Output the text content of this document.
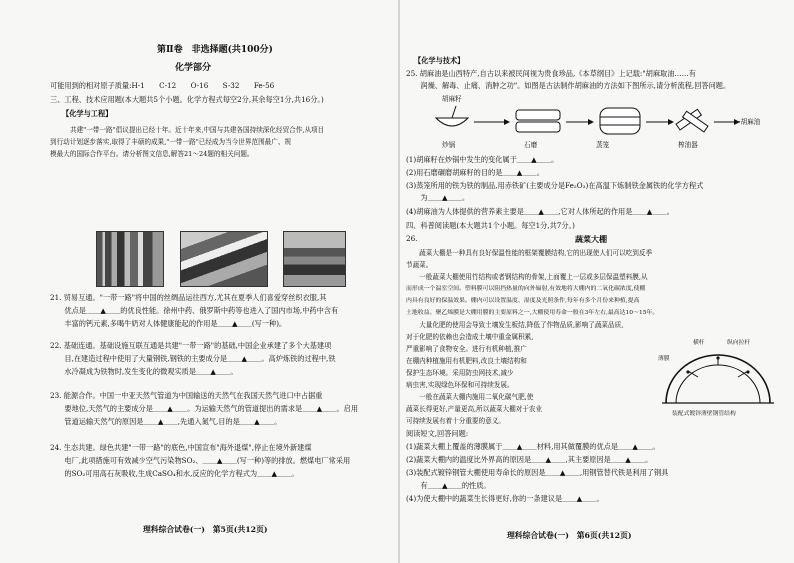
第Ⅱ卷　非选择题(共100分)
化学部分
可能用到的相对原子质量:H-1　　C-12　　O-16　　S-32　　Fe-56
三、工程、技术应用题(本大题共5个小题。化学方程式每空2分,其余每空1分,共16分。)
【化学与工程】
共建"一带一路"倡议提出已经十年。近十年来,中国与共建各国持续深化经贸合作,从项目
到行动计划逐步落实,取得了丰硕的成果,"一带一路"已经成为当今世界范围最广、规
模最大的国际合作平台。请分析图文信息,解答21～24题的相关问题。
21. 贸易互通。"一带一路"将中国的丝绸品运往西方,尤其在夏季人们喜爱穿丝织衣服,其
　　优点是＿＿▲＿＿的优良性能。徐州中药、俄罗斯中药等也进入了国内市场,中药中含有
　　丰富的钙元素,多喝牛奶对人体健康能起的作用是＿＿▲＿＿(写一种)。
22. 基础连通。基础设施互联互通是共建"一带一路"的基础,中国企业承建了多个大基建项
　　目,在建造过程中使用了大量钢铁,钢铁的主要成分是＿＿▲＿＿。高炉炼铁的过程中,铁
　　水冷凝成为铁物时,发生变化的微观实质是＿＿▲＿＿。
23. 能源合作。中国一中亚天然气管道为中国输送的天然气在我国天然气进口中占据重
　　要地位,天然气的主要成分是＿＿▲＿＿。为运输天然气的管道提出的需求是＿＿▲＿＿。启用
　　管道运输天然气的原因是＿＿▲＿＿,先通入氮气,目的是＿＿▲＿＿。
24. 生态共建。绿色共建"一带一路"的底色,中国宣布"海外退煤",停止在境外新建煤
　　电厂,此项措施可有效减少空气污染物SO₂、＿＿▲＿＿(写一种)等的排放。燃煤电厂常采用
　　的SO₂可用高石灰吸收,生成CaSO₄和水,反应的化学方程式为＿＿▲＿＿。
理科综合试卷(一)　第5页(共12页)
【化学与技术】
25. 胡麻油是山西特产,自古以来被民间视为贵食珍品,《本草纲目》上记载:"胡麻取油……有
　　润燥、解毒、止痛、消肿之功"。如图是古法制作胡麻油的方法如下图所示,请分析流程,回答问题。
胡麻籽
炒锅	石磨	蒸笼	榨油器
→胡麻油
(1)胡麻籽在炒锅中发生的变化属于＿＿▲＿＿。
(2)用石磨碾磨胡麻籽的目的是＿＿▲＿＿。
(3)蒸笼所用的铁为铁的制品,用赤铁矿(主要成分是Fe₂O₃)在高温下炼制铁金属铁的化学方程式
　　为＿＿▲＿＿。
(4)胡麻油为人体提供的营养素主要是＿＿▲＿＿,它对人体所起的作用是＿＿▲＿＿。
四、科普阅读题(本大题共1个小题。每空1分,共7分。)
26.	蔬菜大棚
　　蔬菜大棚是一种具有良好保温性能的框架覆膜结构,它的出现使人们可以吃到反季
节蔬菜。
　　一般蔬菜大棚使用竹结构或者钢结构的骨架,上面覆上一层或多层保温塑料膜,从
而形成一个温室空间。塑料膜可以阻挡热量的向外辐射,有效地将大棚内的二氧化碳浓度,使棚
内具有良好的保温效果。棚内可以设置温度、湿度及光照条件,每年有多个月份来种植,提高
土地收益。聚乙烯膜是大棚用膜的主要原料之一,大棚使用寿命一般在3年左右,最高达10～15年。
　　大量化肥的使用会导致土壤发生板结,降低了作物品质,影响了蔬菜品质,
对于化肥的依赖也会造成土壤中重金属积累,
严重影响了食物安全。进行有机种植,推广
在棚内种植施用有机肥料,改良土壤结构和
保护生态环境。采用防虫网技术,减少
病虫害,实现绿色环保和可持续发展。
　　一般在蔬菜大棚内施用二氧化碳气肥,使
蔬菜长得更好,产量更高,所以蔬菜大棚对于农业
可持续发展有着十分重要的意义。
薄膜
横杆	纵向拉杆
装配式镀锌薄壁钢管结构
阅读短文,回答问题:
(1)蔬菜大棚上覆盖的薄膜属于＿＿▲＿＿材料,用其做覆膜的优点是＿＿▲＿＿。
(2)蔬菜大棚内的温度比外界高的原因是＿＿▲＿＿,其主要原因是＿＿▲＿＿。
(3)装配式镀锌钢管大棚使用寿命长的原因是＿＿▲＿＿,用钢管替代铁是利用了钢具
　　有＿＿▲＿＿的性质。
(4)为使大棚中的蔬菜生长得更好,你的一条建议是＿＿▲＿＿。
理科综合试卷(一)　第6页(共12页)
